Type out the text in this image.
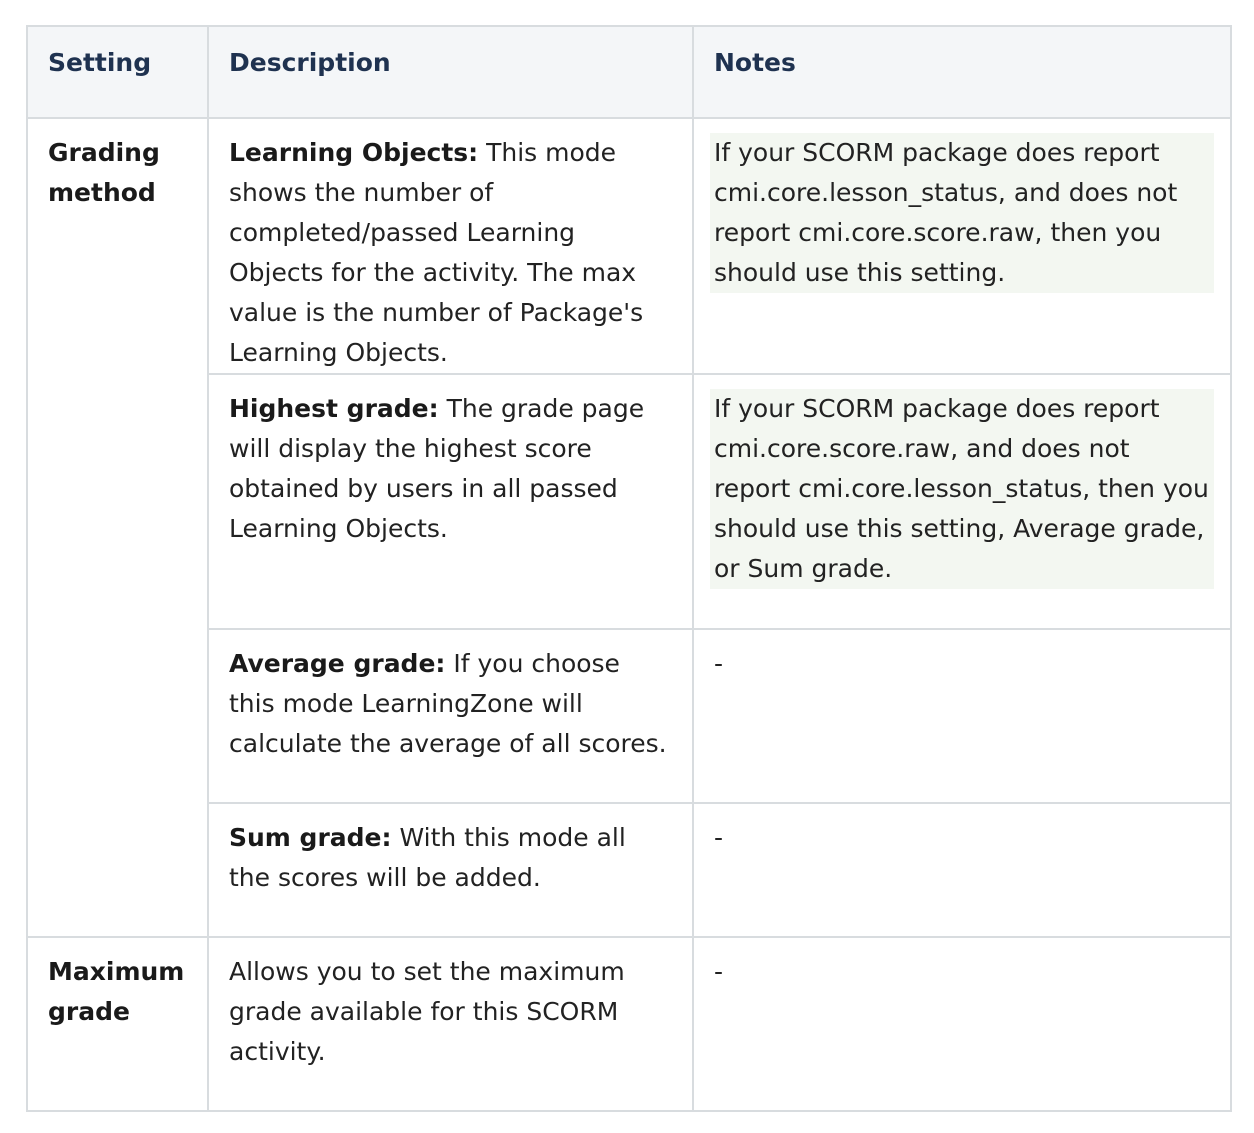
Setting	Description	Notes
Grading method	Learning Objects: This mode shows the number of completed/passed Learning Objects for the activity. The max value is the number of Package's Learning Objects.	If your SCORM package does report cmi.core.lesson_status, and does not report cmi.core.score.raw, then you should use this setting.

	Highest grade: The grade page will display the highest score obtained by users in all passed Learning Objects.	If your SCORM package does report cmi.core.score.raw, and does not report cmi.core.lesson_status, then you should use this setting, Average grade, or Sum grade.

	Average grade: If you choose this mode LearningZone will calculate the average of all scores.	-
	Sum grade: With this mode all the scores will be added.	-
Maximum grade	Allows you to set the maximum grade available for this SCORM activity.	-
